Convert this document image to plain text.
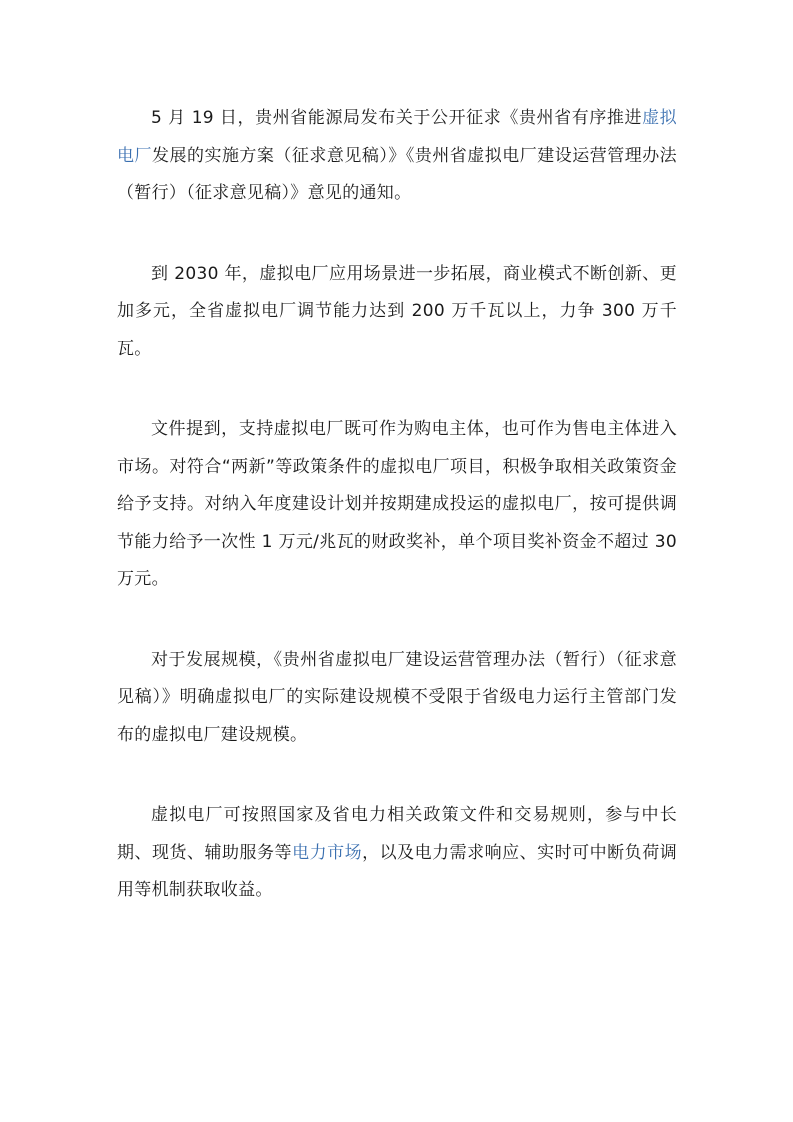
5 月 19 日，贵州省能源局发布关于公开征求《贵州省有序推进虚拟电厂发展的实施方案（征求意见稿）》《贵州省虚拟电厂建设运营管理办法（暂行）（征求意见稿）》意见的通知。

到 2030 年，虚拟电厂应用场景进一步拓展，商业模式不断创新、更加多元，全省虚拟电厂调节能力达到 200 万千瓦以上，力争 300 万千瓦。

文件提到，支持虚拟电厂既可作为购电主体，也可作为售电主体进入市场。对符合“两新”等政策条件的虚拟电厂项目，积极争取相关政策资金给予支持。对纳入年度建设计划并按期建成投运的虚拟电厂，按可提供调节能力给予一次性 1 万元/兆瓦的财政奖补，单个项目奖补资金不超过 30 万元。

对于发展规模，《贵州省虚拟电厂建设运营管理办法（暂行）（征求意见稿）》明确虚拟电厂的实际建设规模不受限于省级电力运行主管部门发布的虚拟电厂建设规模。

虚拟电厂可按照国家及省电力相关政策文件和交易规则，参与中长期、现货、辅助服务等电力市场，以及电力需求响应、实时可中断负荷调用等机制获取收益。
